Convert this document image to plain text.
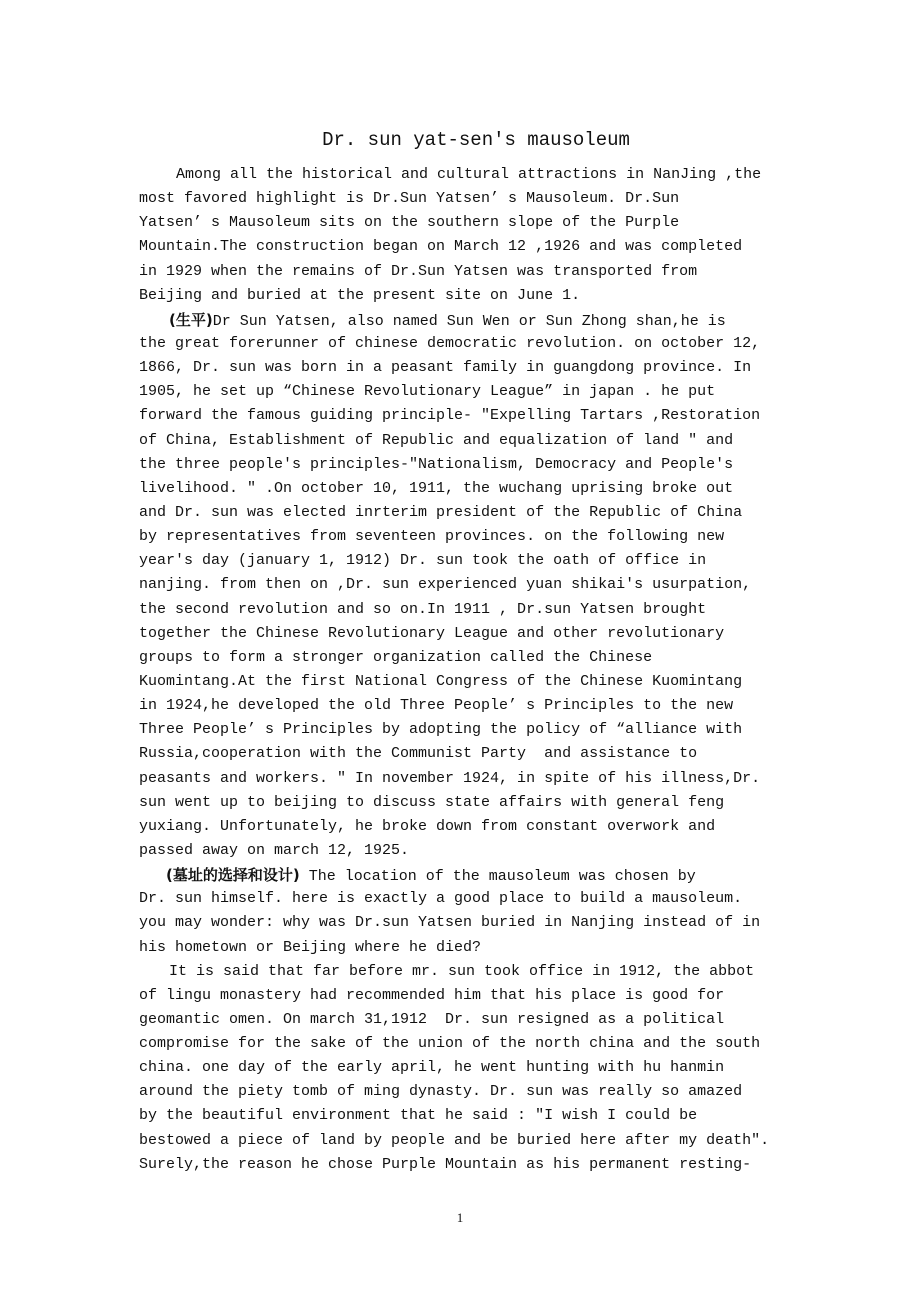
Dr. sun yat-sen's mausoleum
Among all the historical and cultural attractions in NanJing ,the
most favored highlight is Dr.Sun Yatsen’ s Mausoleum. Dr.Sun
Yatsen’ s Mausoleum sits on the southern slope of the Purple
Mountain.The construction began on March 12 ,1926 and was completed
in 1929 when the remains of Dr.Sun Yatsen was transported from
Beijing and buried at the present site on June 1.
(生平)Dr Sun Yatsen, also named Sun Wen or Sun Zhong shan,he is
the great forerunner of chinese democratic revolution. on october 12,
1866, Dr. sun was born in a peasant family in guangdong province. In
1905, he set up “Chinese Revolutionary League” in japan . he put
forward the famous guiding principle- "Expelling Tartars ,Restoration
of China, Establishment of Republic and equalization of land " and
the three people's principles-"Nationalism, Democracy and People's
livelihood. " .On october 10, 1911, the wuchang uprising broke out
and Dr. sun was elected inrterim president of the Republic of China
by representatives from seventeen provinces. on the following new
year's day (january 1, 1912) Dr. sun took the oath of office in
nanjing. from then on ,Dr. sun experienced yuan shikai's usurpation,
the second revolution and so on.In 1911 , Dr.sun Yatsen brought
together the Chinese Revolutionary League and other revolutionary
groups to form a stronger organization called the Chinese
Kuomintang.At the first National Congress of the Chinese Kuomintang
in 1924,he developed the old Three People’ s Principles to the new
Three People’ s Principles by adopting the policy of “alliance with
Russia,cooperation with the Communist Party  and assistance to
peasants and workers. " In november 1924, in spite of his illness,Dr.
sun went up to beijing to discuss state affairs with general feng
yuxiang. Unfortunately, he broke down from constant overwork and
passed away on march 12, 1925.
(墓址的选择和设计) The location of the mausoleum was chosen by
Dr. sun himself. here is exactly a good place to build a mausoleum.
you may wonder: why was Dr.sun Yatsen buried in Nanjing instead of in
his hometown or Beijing where he died?
It is said that far before mr. sun took office in 1912, the abbot
of lingu monastery had recommended him that his place is good for
geomantic omen. On march 31,1912  Dr. sun resigned as a political
compromise for the sake of the union of the north china and the south
china. one day of the early april, he went hunting with hu hanmin
around the piety tomb of ming dynasty. Dr. sun was really so amazed
by the beautiful environment that he said : "I wish I could be
bestowed a piece of land by people and be buried here after my death".
Surely,the reason he chose Purple Mountain as his permanent resting-
1
